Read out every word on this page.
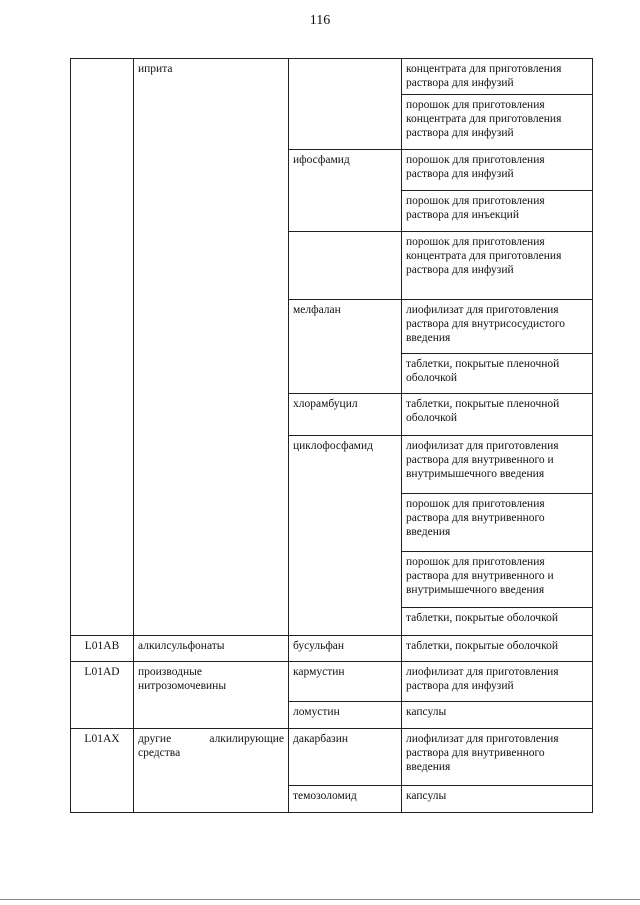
116
	иприта		концентрата для приготовления раствора для инфузий
			порошок для приготовления концентрата для приготовления раствора для инфузий
		ифосфамид	порошок для приготовления раствора для инфузий
			порошок для приготовления раствора для инъекций
			порошок для приготовления концентрата для приготовления раствора для инфузий
		мелфалан	лиофилизат для приготовления раствора для внутрисосудистого введения
			таблетки, покрытые пленочной оболочкой
		хлорамбуцил	таблетки, покрытые пленочной оболочкой
		циклофосфамид	лиофилизат для приготовления раствора для внутривенного и внутримышечного введения
			порошок для приготовления раствора для внутривенного введения
			порошок для приготовления раствора для внутривенного и внутримышечного введения
			таблетки, покрытые оболочкой
L01AB	алкилсульфонаты	бусульфан	таблетки, покрытые оболочкой
L01AD	производные нитрозомочевины	кармустин	лиофилизат для приготовления раствора для инфузий
		ломустин	капсулы
L01AX	другие алкилирующие средства	дакарбазин	лиофилизат для приготовления раствора для внутривенного введения
		темозоломид	капсулы
